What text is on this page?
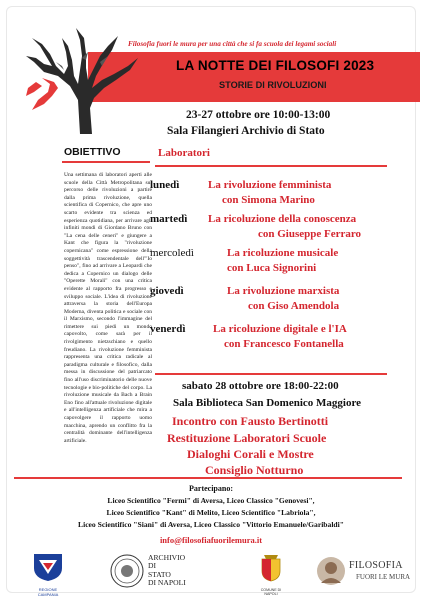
Filosofia fuori le mura per una città che si fa scuola dei legami sociali
LA NOTTE DEI FILOSOFI 2023
STORIE DI RIVOLUZIONI
23-27 ottobre ore 10:00-13:00
Sala Filangieri Archivio di Stato
OBIETTIVO
Una settimana di laboratori aperti alle scuole della Città Metropolitana sul percorso delle rivoluzioni a partire dalla prima rivoluzione, quella scientifica di Copernico, che apre uno scarto evidente tra scienza ed esperienza quotidiana, per arrivare agli infiniti mondi di Giordano Bruno con "La cena delle ceneri" e giungere a Kant che figura la "rivoluzione copernicana" come espressione della soggettività trascendentale dell'"Io penso", fino ad arrivare a Leopardi che dedica a Copernico un dialogo delle "Operette Morali" con una critica evidente al rapporto fra progresso e sviluppo sociale. L'idea di rivoluzione attraversa la storia dell'Europa Moderna, diventa politica e sociale con il Marxismo, secondo l'immagine del rimettere sui piedi un mondo capovolto, come sarà per il rivolgimento nietzschiano e quello freudiano. La rivoluzione femminista rappresenta una critica radicale al paradigma culturale e filosofico, dalla messa in discussione del patriarcato fino all'uso discriminatorio delle nuove tecnologie e bio-politiche del corpo. La rivoluzione musicale da Bach a Brain Eno fino all'attuale rivoluzione digitale e all'intelligenza artificiale che mira a capovolgere il rapporto uomo macchina, aprendo un conflitto fra la centralità dominante dell'intelligenza artificiale.
Laboratori
lunedì	La rivoluzione femminista
con Simona Marino
martedì La ricoluzione della conoscenza
con Giuseppe Ferraro
mercoledì	La ricoluzione musicale
con Luca Signorini
giovedì	La rivoluzione marxista
con Giso Amendola
venerdì	La ricoluzione digitale e l'IA
con Francesco Fontanella
sabato 28 ottobre ore 18:00-22:00
Sala Biblioteca San Domenico Maggiore
Incontro con Fausto Bertinotti
Restituzione Laboratori Scuole
Dialoghi Corali e Mostre
Consiglio Notturno
Partecipano:
Liceo Scientifico "Fermi" di Aversa, Liceo Classico "Genovesi",
Liceo Scientifico "Kant" di Melito, Liceo Scientifico "Labriola",
Liceo Scientifico "Siani" di Aversa, Liceo Classico "Vittorio Emanuele/Garibaldi"
info@filosofiafuorilemura.it
REGIONE CAMPANIA
ARCHIVIO
DI
STATO
DI NAPOLI
COMUNE DI NAPOLI
FILOSOFIA
FUORI LE MURA
